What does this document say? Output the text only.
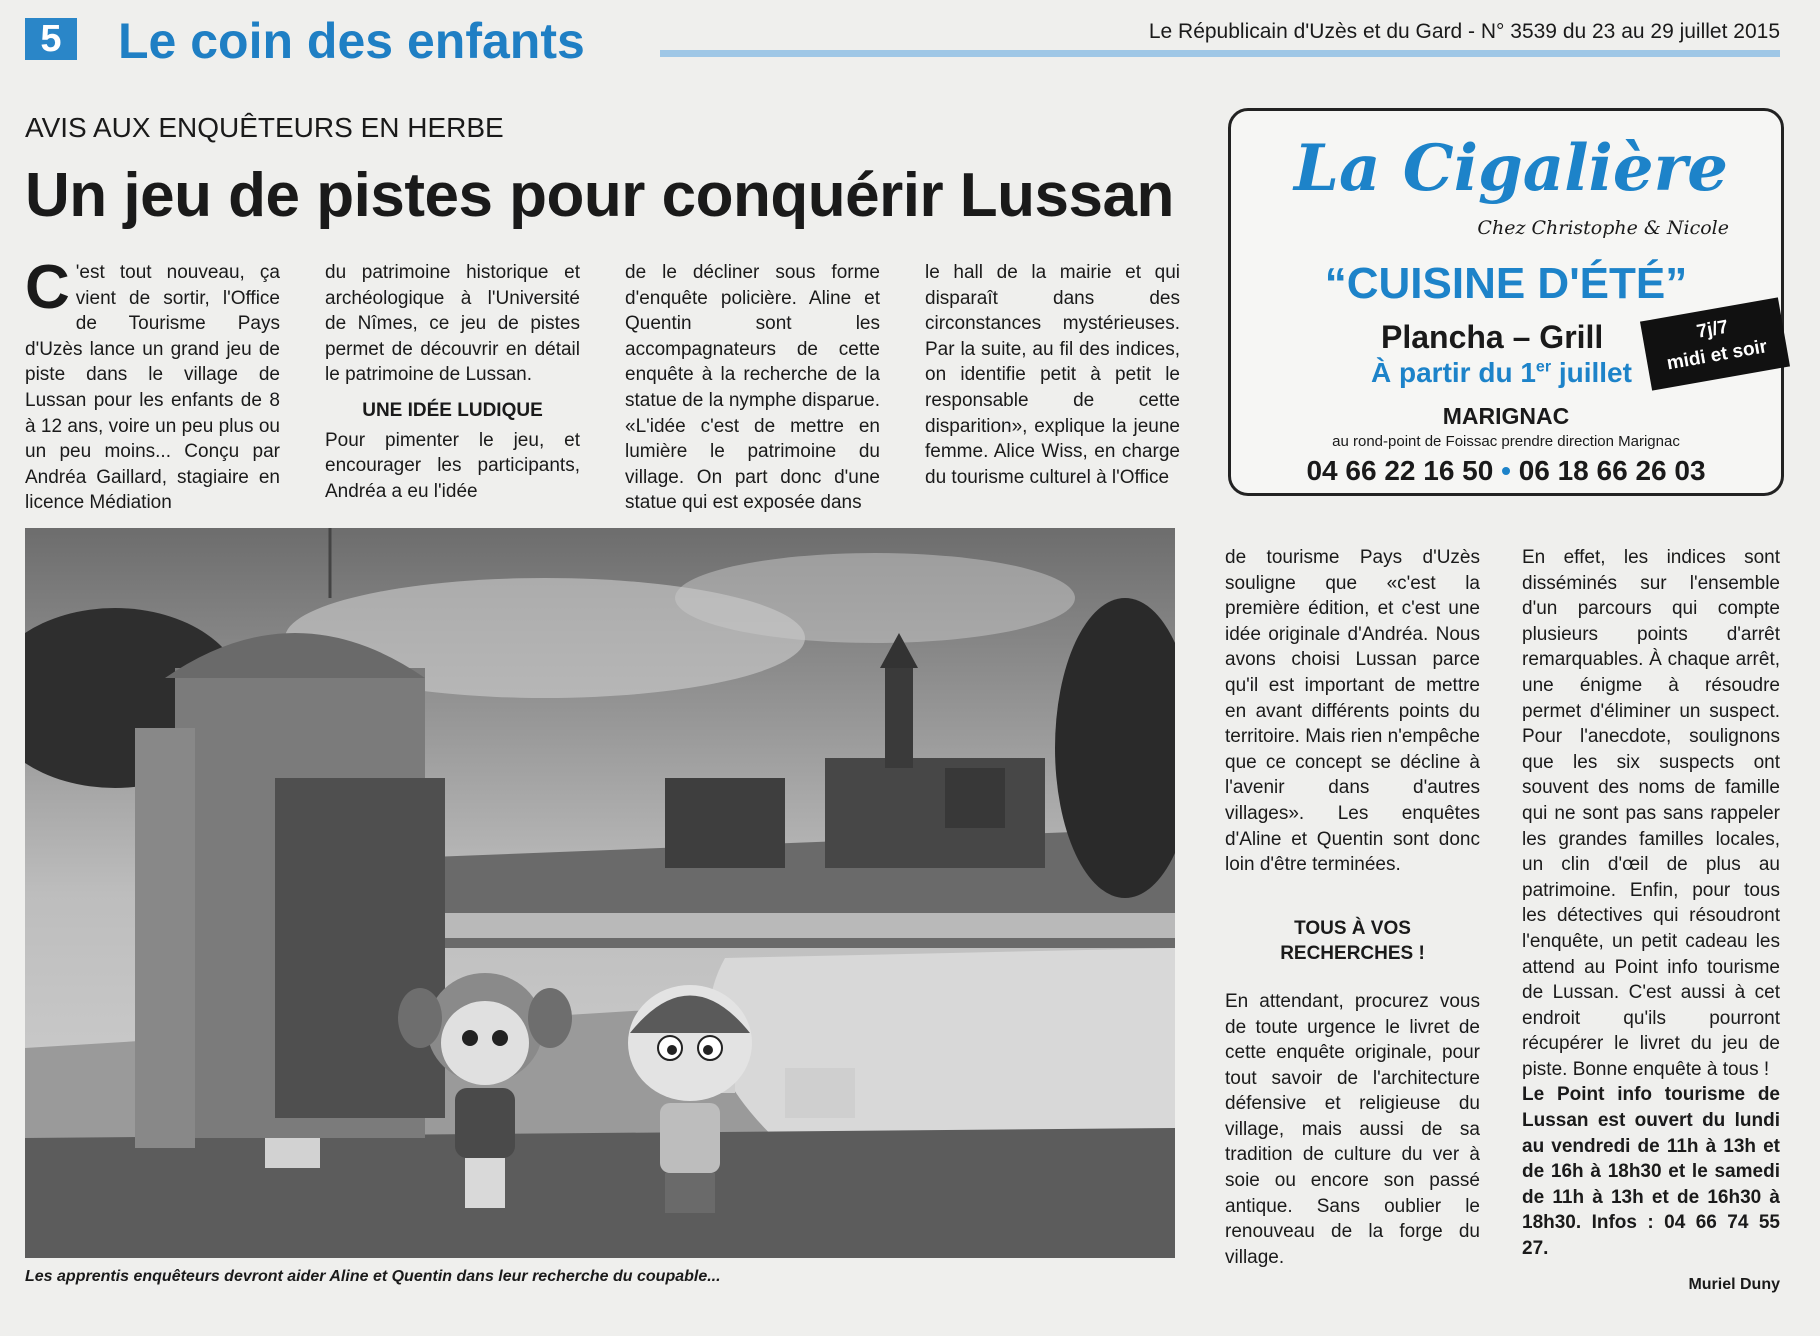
5	Le coin des enfants	Le Républicain d'Uzès et du Gard - N° 3539 du 23 au 29 juillet 2015
AVIS AUX ENQUÊTEURS EN HERBE
Un jeu de pistes pour conquérir Lussan
C 'est tout nouveau, ça vient de sortir, l'Office de Tourisme Pays d'Uzès lance un grand jeu de piste dans le village de Lussan pour les enfants de 8 à 12 ans, voire un peu plus ou un peu moins... Conçu par Andréa Gaillard, stagiaire en licence Médiation

du patrimoine historique et archéologique à l'Université de Nîmes, ce jeu de pistes permet de découvrir en détail le patrimoine de Lussan.

UNE IDÉE LUDIQUE

Pour pimenter le jeu, et encourager les participants, Andréa a eu l'idée

de le décliner sous forme d'enquête policière. Aline et Quentin sont les accompagnateurs de cette enquête à la recherche de la statue de la nymphe disparue. «L'idée c'est de mettre en lumière le patrimoine du village. On part donc d'une statue qui est exposée dans

le hall de la mairie et qui disparaît dans des circonstances mystérieuses. Par la suite, au fil des indices, on identifie petit à petit le responsable de cette disparition», explique la jeune femme. Alice Wiss, en charge du tourisme culturel à l'Office

de tourisme Pays d'Uzès souligne que «c'est la première édition, et c'est une idée originale d'Andréa. Nous avons choisi Lussan parce qu'il est important de mettre en avant différents points du territoire. Mais rien n'empêche que ce concept se décline à l'avenir dans d'autres villages». Les enquêtes d'Aline et Quentin sont donc loin d'être terminées.

TOUS À VOS RECHERCHES !

En attendant, procurez vous de toute urgence le livret de cette enquête originale, pour tout savoir de l'architecture défensive et religieuse du village, mais aussi de sa tradition de culture du ver à soie ou encore son passé antique. Sans oublier le renouveau de la forge du village.

En effet, les indices sont disséminés sur l'ensemble d'un parcours qui compte plusieurs points d'arrêt remarquables. À chaque arrêt, une énigme à résoudre permet d'éliminer un suspect. Pour l'anecdote, soulignons que les six suspects ont souvent des noms de famille qui ne sont pas sans rappeler les grandes familles locales, un clin d'œil de plus au patrimoine. Enfin, pour tous les détectives qui résoudront l'enquête, un petit cadeau les attend au Point info tourisme de Lussan. C'est aussi à cet endroit qu'ils pourront récupérer le livret du jeu de piste. Bonne enquête à tous !

Le Point info tourisme de Lussan est ouvert du lundi au vendredi de 11h à 13h et de 16h à 18h30 et le samedi de 11h à 13h et de 16h30 à 18h30. Infos : 04 66 74 55 27.

Les apprentis enquêteurs devront aider Aline et Quentin dans leur recherche du coupable...
La Cigalière
Chez Christophe & Nicole
“CUISINE D'ÉTÉ”
Plancha – Grill
À partir du 1er juillet
7j/7
midi et soir
MARIGNAC
au rond-point de Foissac prendre direction Marignac
04 66 22 16 50 • 06 18 66 26 03
Muriel Duny
